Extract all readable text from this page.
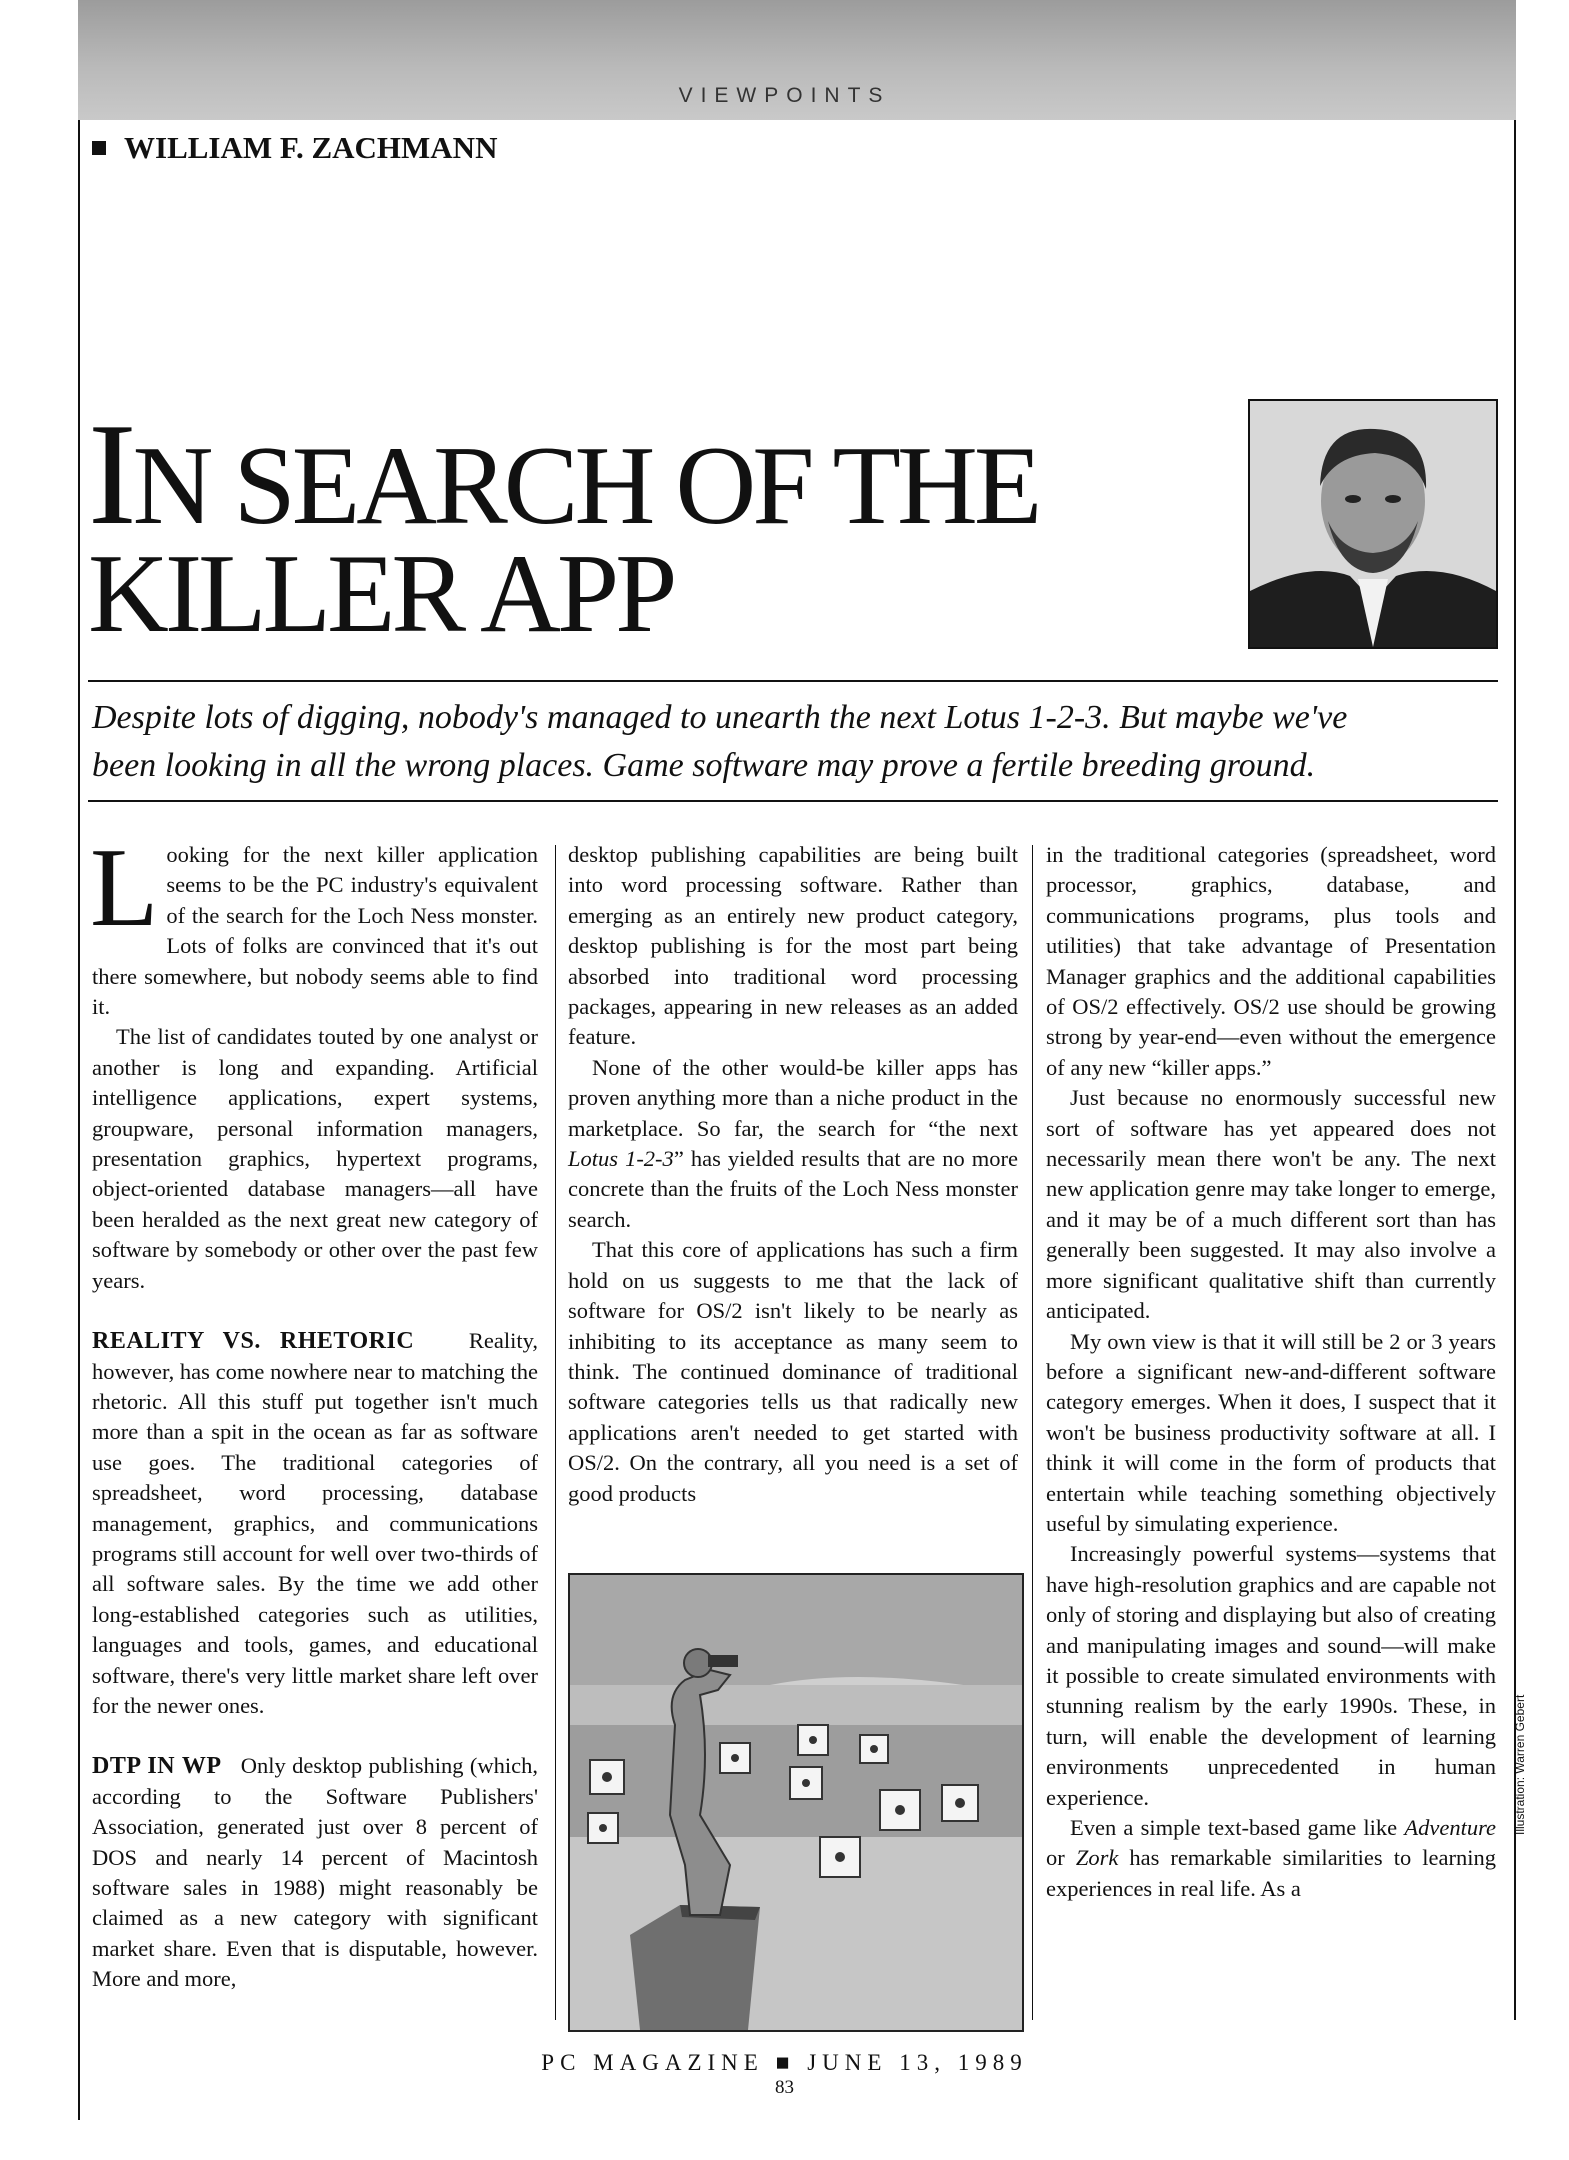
VIEWPOINTS
WILLIAM F. ZACHMANN
IN SEARCH OF THE
KILLER APP
Despite lots of digging, nobody's managed to unearth the next Lotus 1-2-3. But maybe we've
been looking in all the wrong places. Game software may prove a fertile breeding ground.

Looking for the next killer application seems to be the PC industry's equivalent of the search for the Loch Ness monster. Lots of folks are convinced that it's out there somewhere, but nobody seems able to find it.

The list of candidates touted by one analyst or another is long and expanding. Artificial intelligence applications, expert systems, groupware, personal information managers, presentation graphics, hypertext programs, object-oriented database managers—all have been heralded as the next great new category of software by somebody or other over the past few years.

REALITY VS. RHETORIC Reality, however, has come nowhere near to matching the rhetoric. All this stuff put together isn't much more than a spit in the ocean as far as software use goes. The traditional categories of spreadsheet, word processing, database management, graphics, and communications programs still account for well over two-thirds of all software sales. By the time we add other long-established categories such as utilities, languages and tools, games, and educational software, there's very little market share left over for the newer ones.

DTP IN WP Only desktop publishing (which, according to the Software Publishers' Association, generated just over 8 percent of DOS and nearly 14 percent of Macintosh software sales in 1988) might reasonably be claimed as a new category with significant market share. Even that is disputable, however. More and more,

desktop publishing capabilities are being built into word processing software. Rather than emerging as an entirely new product category, desktop publishing is for the most part being absorbed into traditional word processing packages, appearing in new releases as an added feature.

None of the other would-be killer apps has proven anything more than a niche product in the marketplace. So far, the search for “the next Lotus 1-2-3” has yielded results that are no more concrete than the fruits of the Loch Ness monster search.

That this core of applications has such a firm hold on us suggests to me that the lack of software for OS/2 isn't likely to be nearly as inhibiting to its acceptance as many seem to think. The continued dominance of traditional software categories tells us that radically new applications aren't needed to get started with OS/2. On the contrary, all you need is a set of good products

in the traditional categories (spreadsheet, word processor, graphics, database, and communications programs, plus tools and utilities) that take advantage of Presentation Manager graphics and the additional capabilities of OS/2 effectively. OS/2 use should be growing strong by year-end—even without the emergence of any new “killer apps.”

Just because no enormously successful new sort of software has yet appeared does not necessarily mean there won't be any. The next new application genre may take longer to emerge, and it may be of a much different sort than has generally been suggested. It may also involve a more significant qualitative shift than currently anticipated.

My own view is that it will still be 2 or 3 years before a significant new-and-different software category emerges. When it does, I suspect that it won't be business productivity software at all. I think it will come in the form of products that entertain while teaching something objectively useful by simulating experience.

Increasingly powerful systems—systems that have high-resolution graphics and are capable not only of storing and displaying but also of creating and manipulating images and sound—will make it possible to create simulated environments with stunning realism by the early 1990s. These, in turn, will enable the development of learning environments unprecedented in human experience.

Even a simple text-based game like Adventure or Zork has remarkable similarities to learning experiences in real life. As a

Illustration: Warren Gebert
PC MAGAZINE ■ JUNE 13, 1989
83
